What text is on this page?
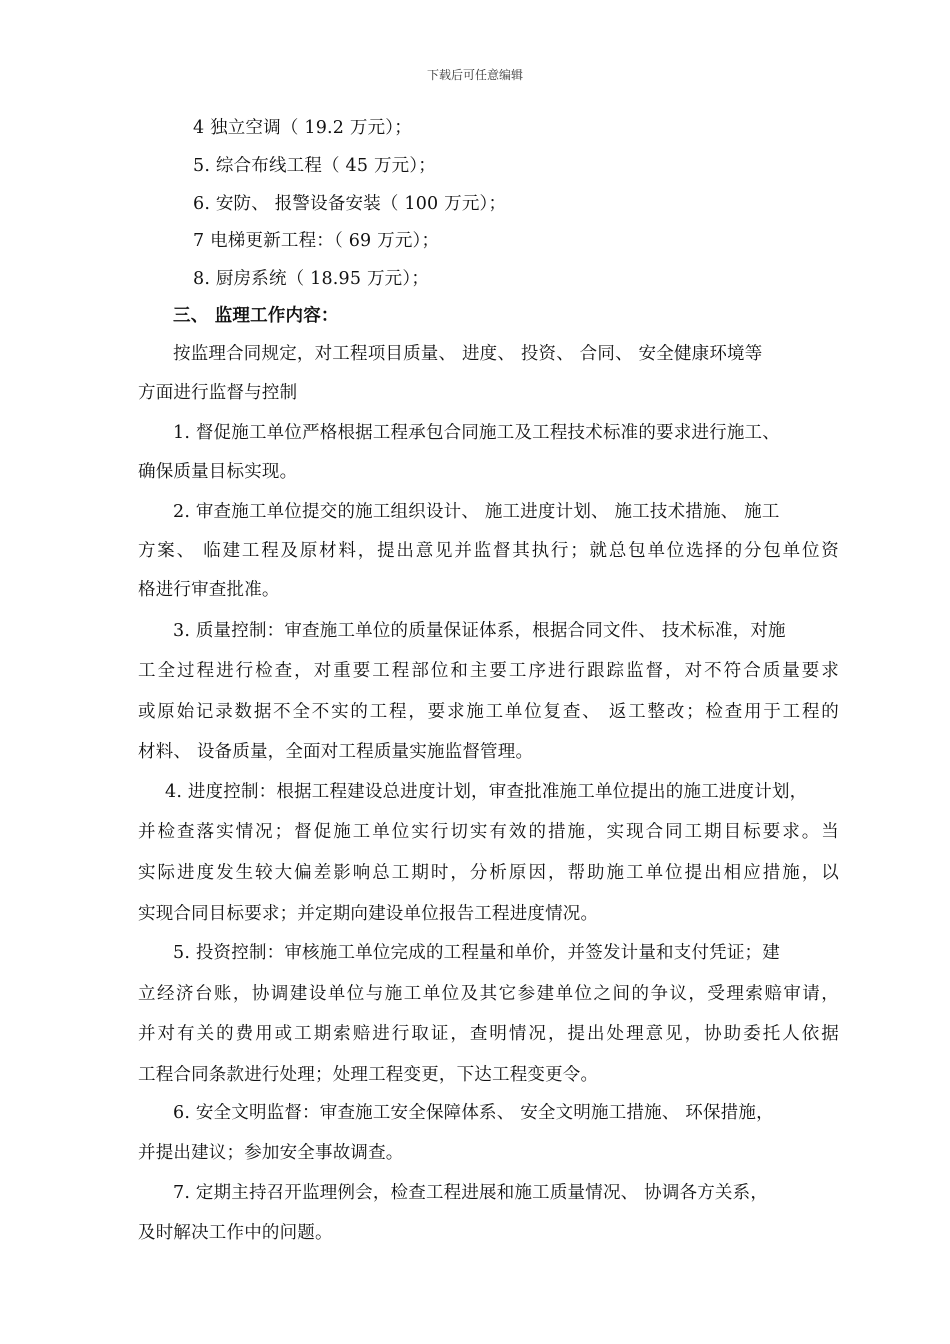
下载后可任意编辑
4 独立空调（ 19.2 万元）；
5. 综合布线工程（ 45 万元）；
6. 安防、 报警设备安装（ 100 万元）；
7 电梯更新工程：（ 69 万元）；
8. 厨房系统（ 18.95 万元）；
三、 监理工作内容：
按监理合同规定，对工程项目质量、 进度、 投资、 合同、 安全健康环境等
方面进行监督与控制
1. 督促施工单位严格根据工程承包合同施工及工程技术标准的要求进行施工、
确保质量目标实现。
2. 审查施工单位提交的施工组织设计、 施工进度计划、 施工技术措施、 施工
方案、 临建工程及原材料，提出意见并监督其执行；就总包单位选择的分包单位资
格进行审查批准。
3. 质量控制：审查施工单位的质量保证体系，根据合同文件、 技术标准，对施
工全过程进行检查，对重要工程部位和主要工序进行跟踪监督，对不符合质量要求
或原始记录数据不全不实的工程，要求施工单位复查、 返工整改；检查用于工程的
材料、 设备质量，全面对工程质量实施监督管理。
4. 进度控制：根据工程建设总进度计划，审查批准施工单位提出的施工进度计划，
并检查落实情况；督促施工单位实行切实有效的措施，实现合同工期目标要求。当
实际进度发生较大偏差影响总工期时，分析原因，帮助施工单位提出相应措施，以
实现合同目标要求；并定期向建设单位报告工程进度情况。
5. 投资控制：审核施工单位完成的工程量和单价，并签发计量和支付凭证；建
立经济台账，协调建设单位与施工单位及其它参建单位之间的争议，受理索赔审请，
并对有关的费用或工期索赔进行取证，查明情况，提出处理意见，协助委托人依据
工程合同条款进行处理；处理工程变更，下达工程变更令。
6. 安全文明监督：审查施工安全保障体系、 安全文明施工措施、 环保措施，
并提出建议；参加安全事故调查。
7. 定期主持召开监理例会，检查工程进展和施工质量情况、 协调各方关系，
及时解决工作中的问题。
